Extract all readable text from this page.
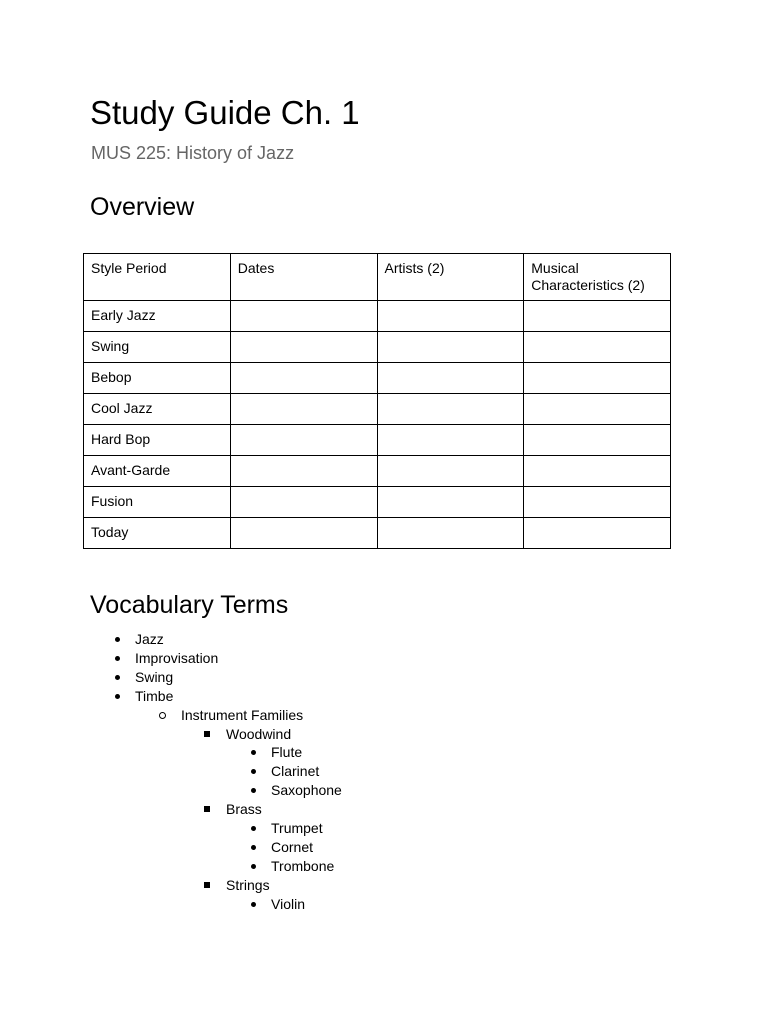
Study Guide Ch. 1
MUS 225: History of Jazz
Overview
Style Period	Dates	Artists (2)	Musical Characteristics (2)
Early Jazz			
Swing			
Bebop			
Cool Jazz			
Hard Bop			
Avant-Garde			
Fusion			
Today			
Vocabulary Terms
Jazz
Improvisation
Swing
Timbe
Instrument Families
Woodwind
Flute
Clarinet
Saxophone
Brass
Trumpet
Cornet
Trombone
Strings
Violin
